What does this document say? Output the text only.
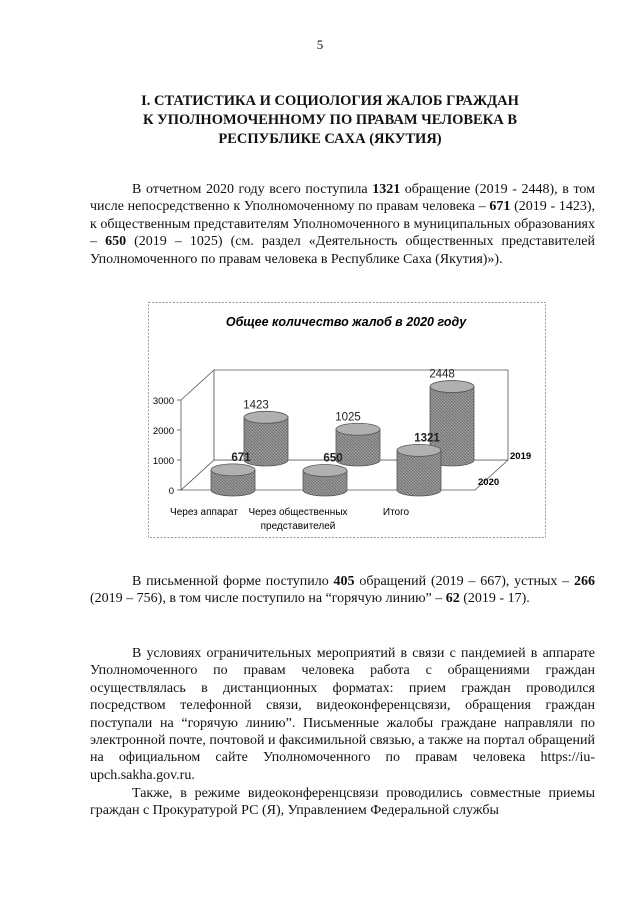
5
I. СТАТИСТИКА И СОЦИОЛОГИЯ ЖАЛОБ ГРАЖДАН
К УПОЛНОМОЧЕННОМУ ПО ПРАВАМ ЧЕЛОВЕКА В
РЕСПУБЛИКЕ САХА (ЯКУТИЯ)

В отчетном 2020 году всего поступила 1321 обращение (2019 - 2448), в том числе непосредственно к Уполномоченному по правам человека – 671 (2019 - 1423), к общественным представителям Уполномоченного в муниципальных образованиях – 650 (2019 – 1025) (см. раздел «Деятельность общественных представителей Уполномоченного по правам человека в Республике Саха (Якутия)»).

Общее количество жалоб в 2020 году
0
1000
2000
3000	1423
1025
2448
671	650
1321
2019
2020
Через аппарат Через общественных
представителей
Итого

В письменной форме поступило 405 обращений (2019 – 667), устных – 266 (2019 – 756), в том числе поступило на “горячую линию” – 62 (2019 - 17).

В условиях ограничительных мероприятий в связи с пандемией в аппарате Уполномоченного по правам человека работа с обращениями граждан осуществлялась в дистанционных форматах: прием граждан проводился посредством телефонной связи, видеоконференцсвязи, обращения граждан поступали на “горячую линию”. Письменные жалобы граждане направляли по электронной почте, почтовой и факсимильной связью, а также на портал обращений на официальном сайте Уполномоченного по правам человека https://iu-upch.sakha.gov.ru.

Также, в режиме видеоконференцсвязи проводились совместные приемы граждан с Прокуратурой РС (Я), Управлением Федеральной службы
